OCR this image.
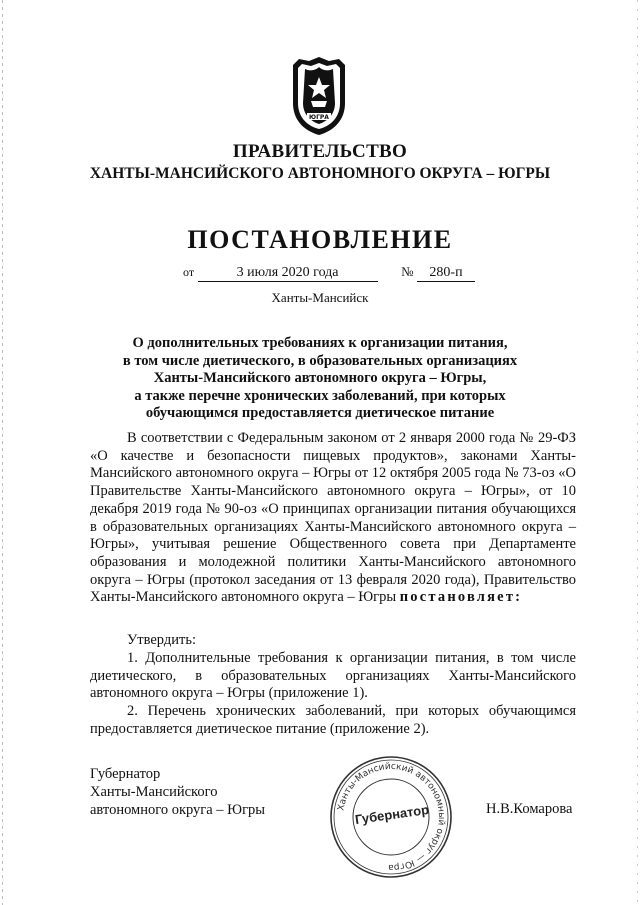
ЮГРА
ПРАВИТЕЛЬСТВО
ХАНТЫ-МАНСИЙСКОГО АВТОНОМНОГО ОКРУГА – ЮГРЫ
ПОСТАНОВЛЕНИЕ
от	3 июля 2020 года	№ 280-п
Ханты-Мансийск
О дополнительных требованиях к организации питания,
в том числе диетического, в образовательных организациях
Ханты-Мансийского автономного округа – Югры,
а также перечне хронических заболеваний, при которых
обучающимся предоставляется диетическое питание
В соответствии с Федеральным законом от 2 января 2000 года № 29-ФЗ «О качестве и безопасности пищевых продуктов», законами Ханты-Мансийского автономного округа – Югры от 12 октября 2005 года № 73-оз «О Правительстве Ханты-Мансийского автономного округа – Югры», от 10 декабря 2019 года № 90-оз «О принципах организации питания обучающихся в образовательных организациях Ханты-Мансийского автономного округа – Югры», учитывая решение Общественного совета при Департаменте образования и молодежной политики Ханты-Мансийского автономного округа – Югры (протокол заседания от 13 февраля 2020 года), Правительство Ханты-Мансийского автономного округа – Югры постановляет:
Утвердить:
1. Дополнительные требования к организации питания, в том числе диетического, в образовательных организациях Ханты-Мансийского автономного округа – Югры (приложение 1).
2. Перечень хронических заболеваний, при которых обучающимся предоставляется диетическое питание (приложение 2).
Губернатор
Ханты-Мансийского
автономного округа – Югры	Ханты-Мансийский автономный округ — Югра
Губернатор	Н.В.Комарова
